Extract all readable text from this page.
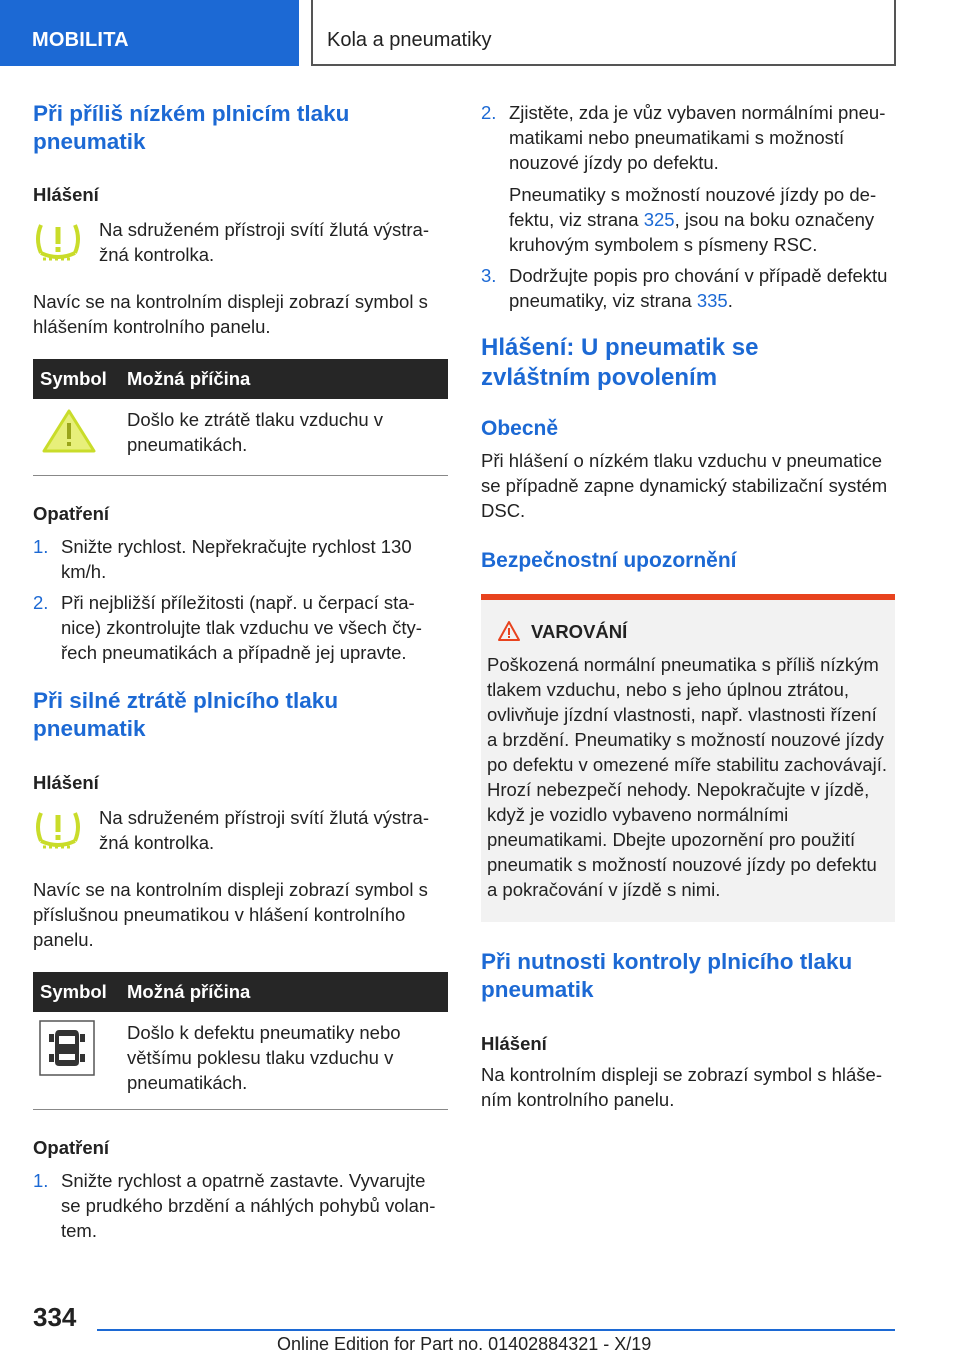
MOBILITA	Kola a pneumatiky
Při příliš nízkém plnicím tlaku pneumatik
Hlášení
Na sdruženém přístroji svítí žlutá výstražná kontrolka.
Navíc se na kontrolním displeji zobrazí symbol s hlášením kontrolního panelu.
Symbol	Možná příčina
	Došlo ke ztrátě tlaku vzduchu v pneumatikách.
Opatření
1. Snižte rychlost. Nepřekračujte rychlost 130 km/h.
2. Při nejbližší příležitosti (např. u čerpací stanice) zkontrolujte tlak vzduchu ve všech čtyřech pneumatikách a případně jej upravte.
Při silné ztrátě plnicího tlaku pneumatik
Hlášení
Na sdruženém přístroji svítí žlutá výstražná kontrolka.
Navíc se na kontrolním displeji zobrazí symbol s příslušnou pneumatikou v hlášení kontrolního panelu.
Symbol	Možná příčina
	Došlo k defektu pneumatiky nebo většímu poklesu tlaku vzduchu v pneumatikách.
Opatření
1. Snižte rychlost a opatrně zastavte. Vyvarujte se prudkého brzdění a náhlých pohybů volantem.
2. Zjistěte, zda je vůz vybaven normálními pneumatikami nebo pneumatikami s možností nouzové jízdy po defektu.
Pneumatiky s možností nouzové jízdy po defektu, viz strana 325, jsou na boku označeny kruhovým symbolem s písmeny RSC.
3. Dodržujte popis pro chování v případě defektu pneumatiky, viz strana 335.
Hlášení: U pneumatik se zvláštním povolením
Obecně
Při hlášení o nízkém tlaku vzduchu v pneumatice se případně zapne dynamický stabilizační systém DSC.
Bezpečnostní upozornění
VAROVÁNÍ
Poškozená normální pneumatika s příliš nízkým tlakem vzduchu, nebo s jeho úplnou ztrátou, ovlivňuje jízdní vlastnosti, např. vlastnosti řízení a brzdění. Pneumatiky s možností nouzové jízdy po defektu v omezené míře stabilitu zachovávají. Hrozí nebezpečí nehody. Nepokračujte v jízdě, když je vozidlo vybaveno normálními pneumatikami. Dbejte upozornění pro použití pneumatik s možností nouzové jízdy po defektu a pokračování v jízdě s nimi.
Při nutnosti kontroly plnicího tlaku pneumatik
Hlášení
Na kontrolním displeji se zobrazí symbol s hlášením kontrolního panelu.
334
Online Edition for Part no. 01402884321 - X/19
